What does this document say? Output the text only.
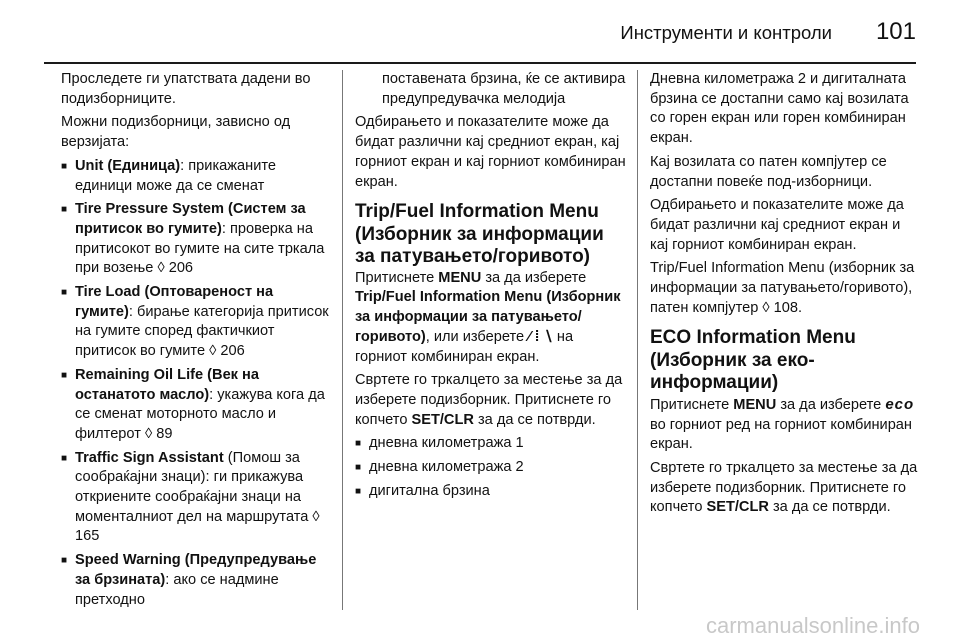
Инструменти и контроли 101

Проследете ги упатствата дадени во подизборниците.

Можни подизборници, зависно од верзијата:

■ Unit (Единица): прикажаните единици може да се сменат
■ Tire Pressure System (Систем за притисок во гумите): проверка на притисокот во гумите на сите тркала при возење ◊ 206
■ Tire Load (Оптовареност на гумите): бирање категорија притисок на гумите според фактичкиот притисок во гумите ◊ 206
■ Remaining Oil Life (Век на останатото масло): укажува кога да се сменат моторното масло и филтерот ◊ 89
■ Traffic Sign Assistant (Помош за сообраќајни знаци): ги прикажува откриените сообраќајни знаци на моменталниот дел на маршрутата ◊ 165
■ Speed Warning (Предупредување за брзината): ако се надмине претходно

поставената брзина, ќе се активира предупредувачка мелодија

Одбирањето и показателите може да бидат различни кај средниот екран, кај горниот екран и кај горниот комбиниран екран.

Trip/Fuel Information Menu (Изборник за информации за патувањето/горивото)

Притиснете MENU за да изберете Trip/Fuel Information Menu (Изборник за информации за патувањето/горивото), или изберете ⁄ ⁞ ∖ на горниот комбиниран екран.

Свртете го тркалцето за местење за да изберете подизборник. Притиснете го копчето SET/CLR за да се потврди.

■ дневна километража 1
■ дневна километража 2
■ дигитална брзина

Дневна километража 2 и дигиталната брзина се достапни само кај возилата со горен екран или горен комбиниран екран.

Кај возилата со патен компјутер се достапни повеќе под-изборници.

Одбирањето и показателите може да бидат различни кај средниот екран и кај горниот комбиниран екран.

Trip/Fuel Information Menu (изборник за информации за патувањето/горивото), патен компјутер ◊ 108.

ECO Information Menu (Изборник за еко-информации)

Притиснете MENU за да изберете eco во горниот ред на горниот комбиниран екран.

Свртете го тркалцето за местење за да изберете подизборник. Притиснете го копчето SET/CLR за да се потврди.

carmanualsonline.info
